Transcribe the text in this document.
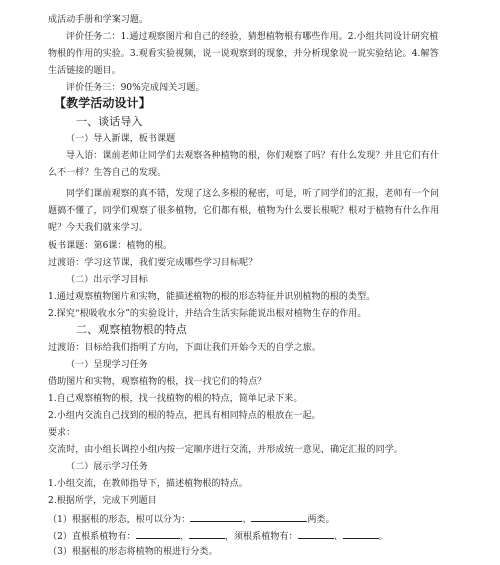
成活动手册和学案习题。
评价任务二：1.通过观察图片和自己的经验，猜想植物根有哪些作用。2.小组共同设计研究植
物根的作用的实验。3.观看实验视频，说一说观察到的现象，并分析现象说一说实验结论。4.解答
生活链接的题目。
评价任务三：90%完成闯关习题。
【教学活动设计】
一、谈话导入
（一）导入新课，板书课题
导入语：课前老师让同学们去观察各种植物的根，你们观察了吗？有什么发现？并且它们有什
么不一样？生答自己的发现。
同学们课前观察的真不错，发现了这么多根的秘密，可是，听了同学们的汇报，老师有一个问
题搞不懂了，同学们观察了很多植物，它们都有根，植物为什么要长根呢？根对于植物有什么作用
呢？今天我们就来学习。
板书课题：第6课：植物的根。
过渡语：学习这节课，我们要完成哪些学习目标呢？
（二）出示学习目标
1.通过观察植物图片和实物，能描述植物的根的形态特征并识别植物的根的类型。
2.探究“根吸收水分”的实验设计，并结合生活实际能说出根对植物生存的作用。
二、观察植物根的特点
过渡语：目标给我们指明了方向，下面让我们开始今天的自学之旅。
（一）呈现学习任务
借助图片和实物，观察植物的根，找一找它们的特点？
1.自己观察植物的根，找一找植物的根的特点，简单记录下来。
2.小组内交流自己找到的根的特点，把具有相同特点的根放在一起。
要求：
交流时，由小组长调控小组内按一定顺序进行交流，并形成统一意见，确定汇报的同学。
（二）展示学习任务
1.小组交流，在教师指导下，描述植物根的特点。
2.根据所学，完成下列题目
（1）根据根的形态，根可以分为：	、	两类。
（2）直根系植物有：	、	，须根系植物有：	、	。
（3）根据根的形态将植物的根进行分类。
